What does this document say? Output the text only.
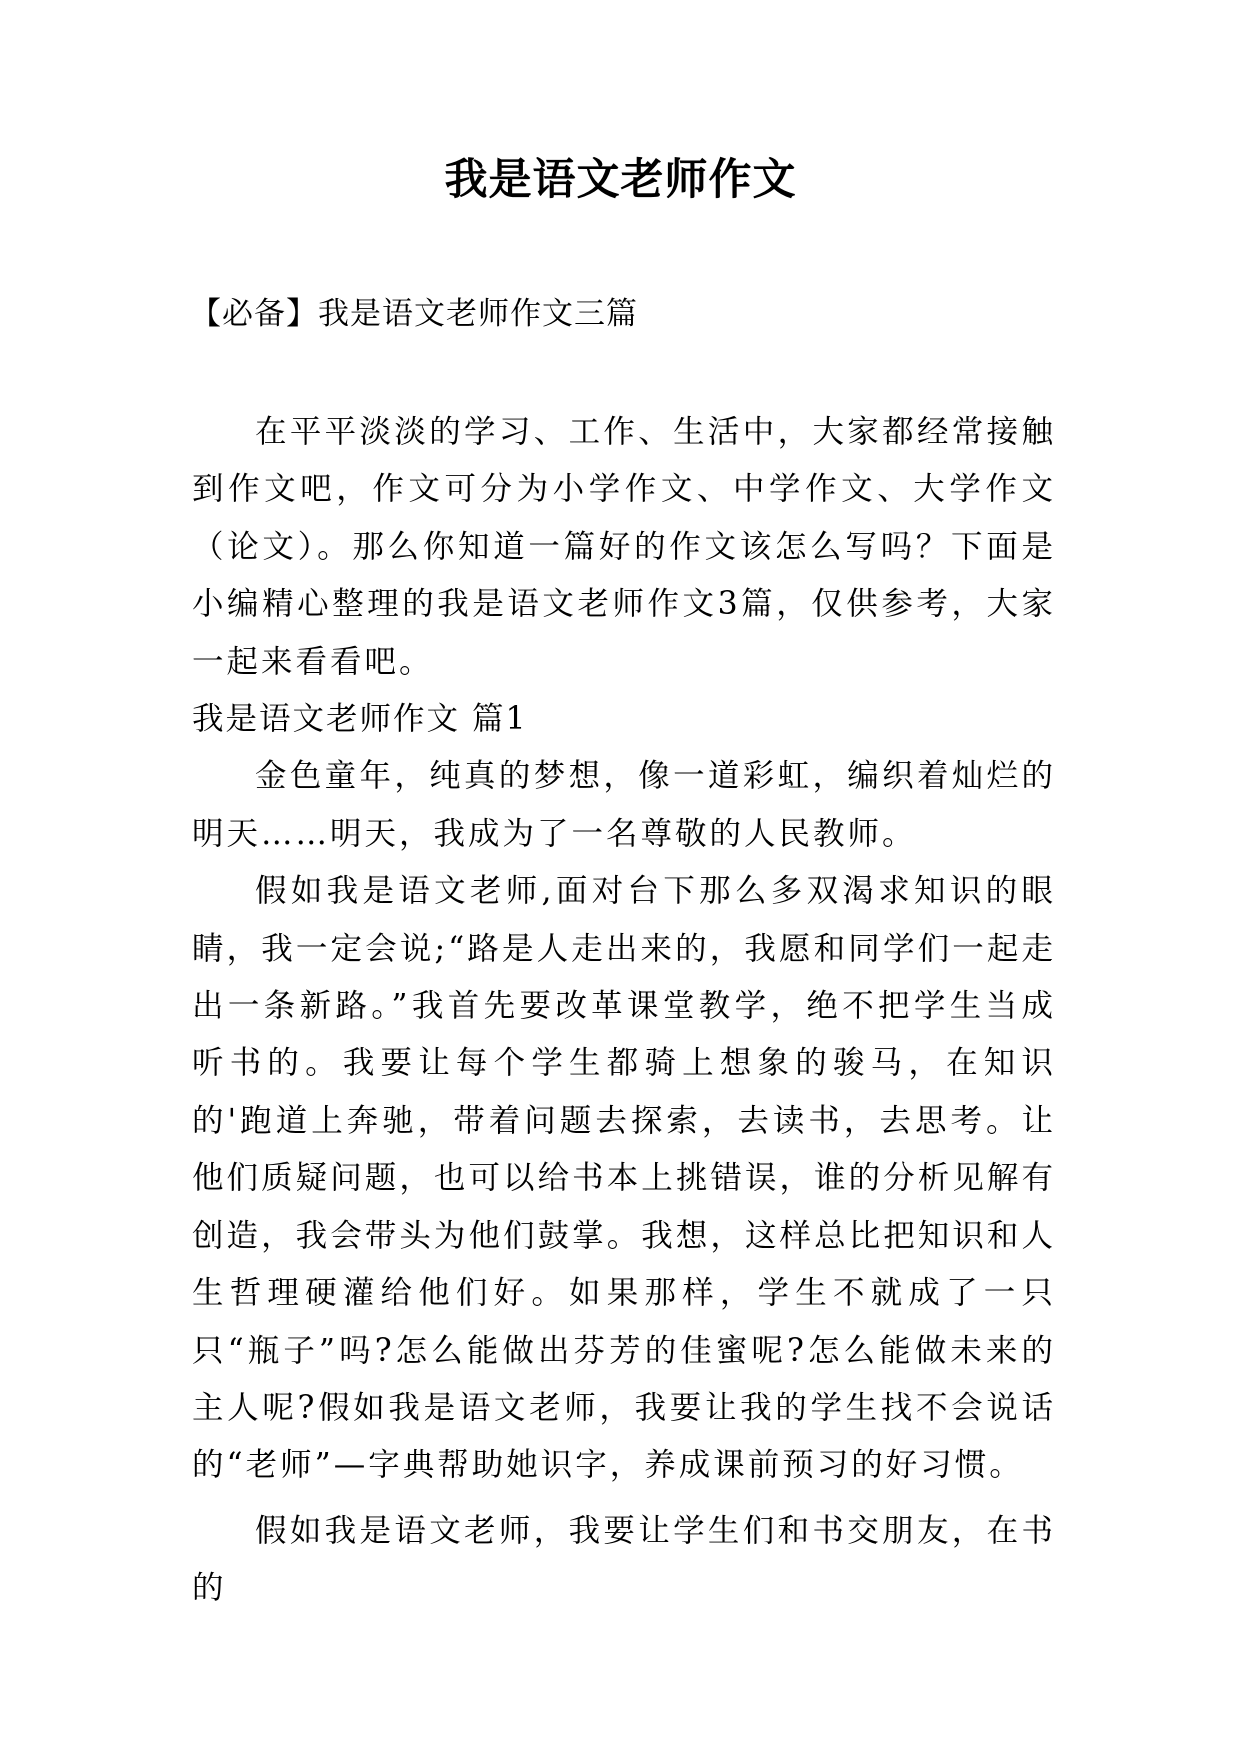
我是语文老师作文
【必备】我是语文老师作文三篇

在平平淡淡的学习、工作、生活中，大家都经常接触到作文吧，作文可分为小学作文、中学作文、大学作文（论文）。那么你知道一篇好的作文该怎么写吗？下面是小编精心整理的我是语文老师作文3篇，仅供参考，大家一起来看看吧。

我是语文老师作文 篇1

金色童年，纯真的梦想，像一道彩虹，编织着灿烂的明天……明天，我成为了一名尊敬的人民教师。

假如我是语文老师,面对台下那么多双渴求知识的眼睛，我一定会说;“路是人走出来的，我愿和同学们一起走出一条新路。”我首先要改革课堂教学，绝不把学生当成听书的。我要让每个学生都骑上想象的骏马，在知识的'跑道上奔驰，带着问题去探索，去读书，去思考。让他们质疑问题，也可以给书本上挑错误，谁的分析见解有创造，我会带头为他们鼓掌。我想，这样总比把知识和人生哲理硬灌给他们好。如果那样，学生不就成了一只只“瓶子”吗?怎么能做出芬芳的佳蜜呢?怎么能做未来的主人呢?假如我是语文老师，我要让我的学生找不会说话的“老师”—字典帮助她识字，养成课前预习的好习惯。

假如我是语文老师，我要让学生们和书交朋友，在书的
